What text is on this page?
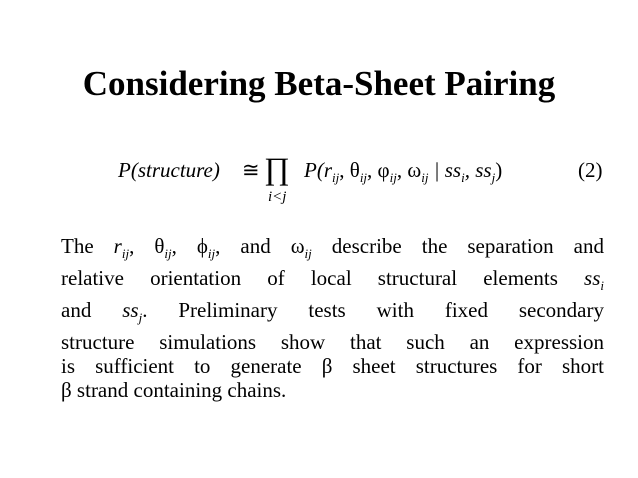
Considering Beta-Sheet Pairing
P(structure) ≅ ∏
i<j
$P(r_{ij}$, $\theta_{ij}$, $\varphi_{ij}$, $\omega_{ij}$ | $ss_i$, $ss_j$)	(2)
The $r_{ij}$, $\theta_{ij}$, $\phi_{ij}$, and $\omega_{ij}$ describe the separation and
relative orientation of local structural elements $ss_i$
and $ss_j$. Preliminary tests with fixed secondary
structure simulations show that such an expression
is sufficient to generate β sheet structures for short
β strand containing chains.
